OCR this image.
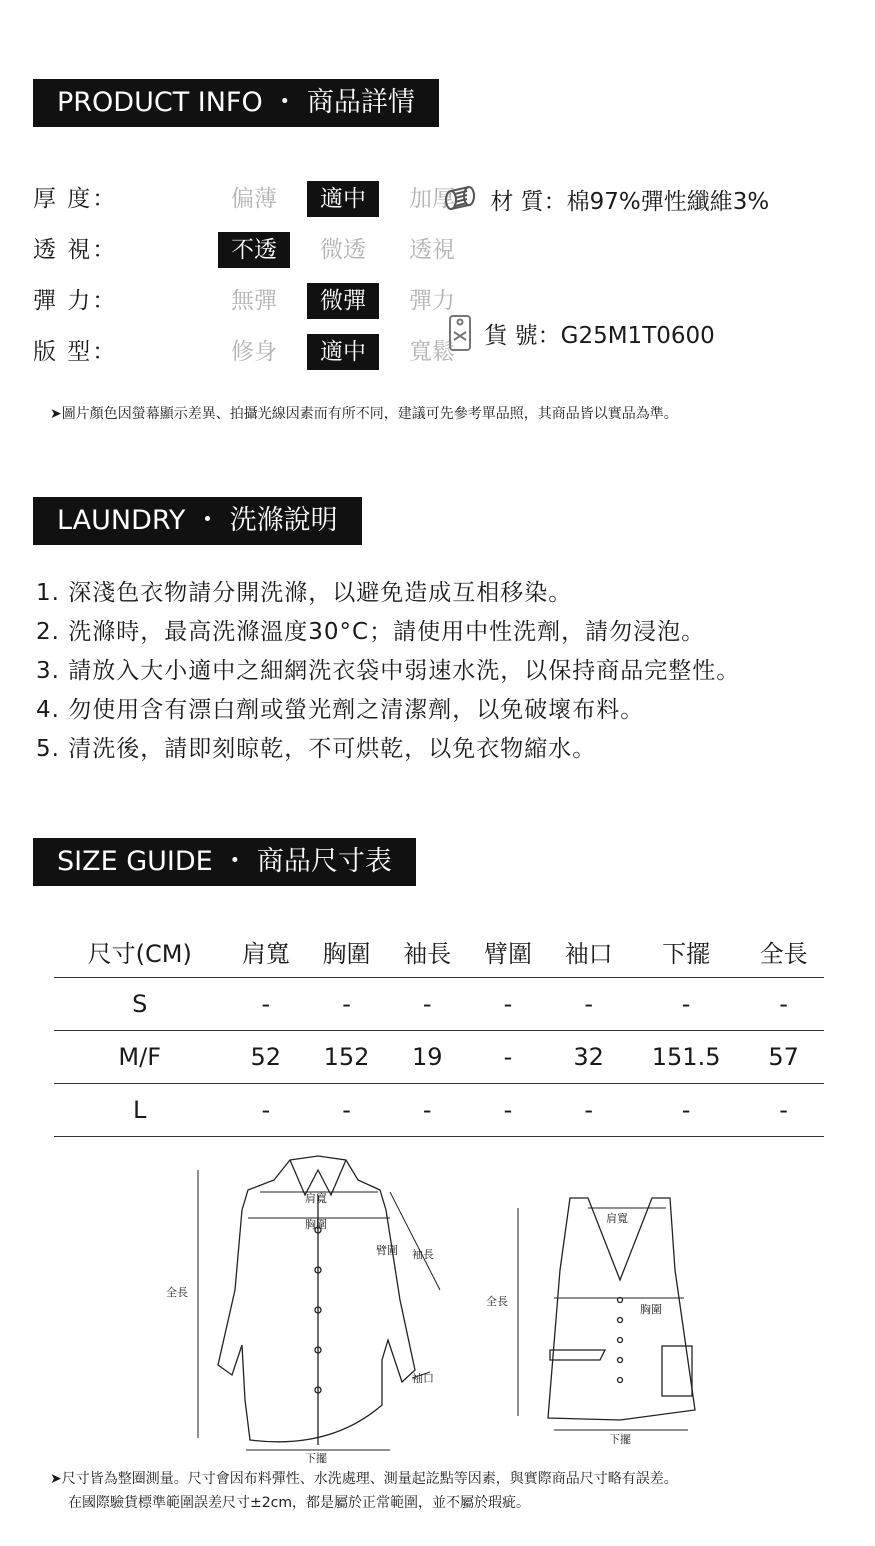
PRODUCT INFO ・ 商品詳情
厚 度：	偏薄	適中	加厚
透 視：	不透	微透	透視
彈 力：	無彈	微彈	彈力
版 型：	修身	適中	寬鬆
材 質：棉97%彈性纖維3%
貨 號：G25M1T0600
➤圖片顏色因螢幕顯示差異、拍攝光線因素而有所不同，建議可先參考單品照，其商品皆以實品為準。
LAUNDRY ・ 洗滌說明
1. 深淺色衣物請分開洗滌，以避免造成互相移染。
2. 洗滌時，最高洗滌溫度30°C；請使用中性洗劑，請勿浸泡。
3. 請放入大小適中之細網洗衣袋中弱速水洗，以保持商品完整性。
4. 勿使用含有漂白劑或螢光劑之清潔劑，以免破壞布料。
5. 清洗後，請即刻晾乾，不可烘乾，以免衣物縮水。
SIZE GUIDE ・ 商品尺寸表
尺寸(CM)	肩寬	胸圍	袖長	臂圍	袖口	下擺	全長
S	-	-	-	-	-	-	-
M/F	52	152	19	-	32	151.5	57
L	-	-	-	-	-	-	-
肩寬
胸圍
臂圍 袖長
全長
袖口
下擺
肩寬
胸圍
全長
下擺
➤尺寸皆為整圈測量。尺寸會因布料彈性、水洗處理、測量起訖點等因素，與實際商品尺寸略有誤差。
在國際驗貨標準範圍誤差尺寸±2cm，都是屬於正常範圍，並不屬於瑕疵。
